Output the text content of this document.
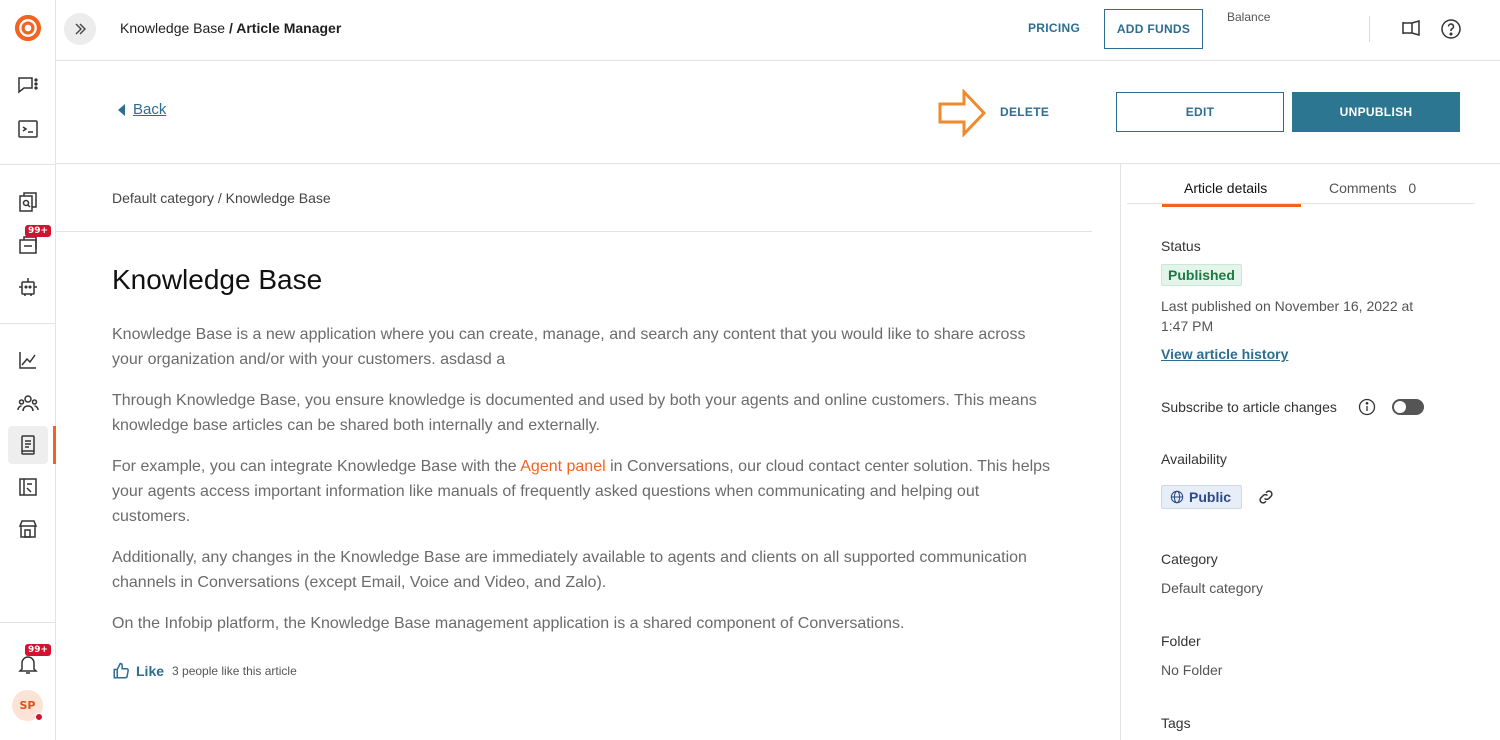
99+
99+
SP
Knowledge Base / Article Manager	PRICING	ADD FUNDS
Balance
Back	DELETE	EDIT	UNPUBLISH
Default category / Knowledge Base
Knowledge Base

Knowledge Base is a new application where you can create, manage, and search any content that you would like to share across your organization and/or with your customers. asdasd a

Through Knowledge Base, you ensure knowledge is documented and used by both your agents and online customers. This means knowledge base articles can be shared both internally and externally.

For example, you can integrate Knowledge Base with the Agent panel in Conversations, our cloud contact center solution. This helps your agents access important information like manuals of frequently asked questions when communicating and helping out customers.

Additionally, any changes in the Knowledge Base are immediately available to agents and clients on all supported communication channels in Conversations (except Email, Voice and Video, and Zalo).

On the Infobip platform, the Knowledge Base management application is a shared component of Conversations.

Like 3 people like this article
Article details	Comments 0
Status
Published
Last published on November 16, 2022 at
1:47 PM
View article history
Subscribe to article changes
Availability
Public
Category
Default category
Folder
No Folder
Tags
